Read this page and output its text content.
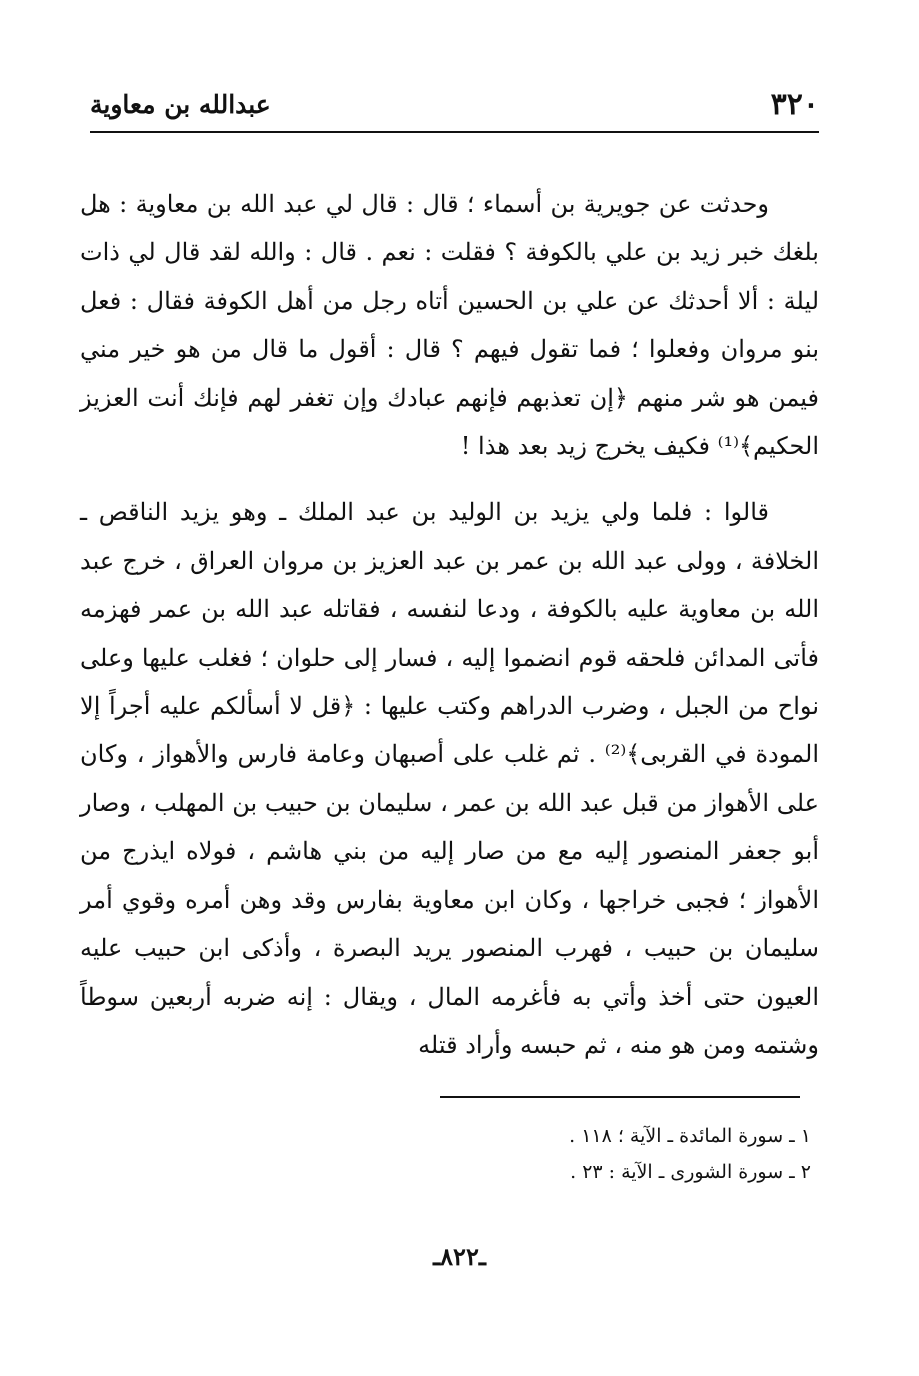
٣٢٠
عبدالله بن معاوية

وحدثت عن جويرية بن أسماء ؛ قال : قال لي عبد الله بن معاوية : هل بلغك خبر زيد بن علي بالكوفة ؟ فقلت : نعم . قال : والله لقد قال لي ذات ليلة : ألا أحدثك عن علي بن الحسين أتاه رجل من أهل الكوفة فقال : فعل بنو مروان وفعلوا ؛ فما تقول فيهم ؟ قال : أقول ما قال من هو خير مني فيمن هو شر منهم ﴿إن تعذبهم فإنهم عبادك وإن تغفر لهم فإنك أنت العزيز الحكيم﴾⁽¹⁾ فكيف يخرج زيد بعد هذا !

قالوا : فلما ولي يزيد بن الوليد بن عبد الملك ـ وهو يزيد الناقص ـ الخلافة ، وولى عبد الله بن عمر بن عبد العزيز بن مروان العراق ، خرج عبد الله بن معاوية عليه بالكوفة ، ودعا لنفسه ، فقاتله عبد الله بن عمر فهزمه فأتى المدائن فلحقه قوم انضموا إليه ، فسار إلى حلوان ؛ فغلب عليها وعلى نواح من الجبل ، وضرب الدراهم وكتب عليها : ﴿قل لا أسألكم عليه أجراً إلا المودة في القربى﴾⁽²⁾ . ثم غلب على أصبهان وعامة فارس والأهواز ، وكان على الأهواز من قبل عبد الله بن عمر ، سليمان بن حبيب بن المهلب ، وصار أبو جعفر المنصور إليه مع من صار إليه من بني هاشم ، فولاه ايذرج من الأهواز ؛ فجبى خراجها ، وكان ابن معاوية بفارس وقد وهن أمره وقوي أمر سليمان بن حبيب ، فهرب المنصور يريد البصرة ، وأذكى ابن حبيب عليه العيون حتى أخذ وأتي به فأغرمه المال ، ويقال : إنه ضربه أربعين سوطاً وشتمه ومن هو منه ، ثم حبسه وأراد قتله

١ ـ سورة المائدة ـ الآية ؛ ١١٨ .

٢ ـ سورة الشورى ـ الآية : ٢٣ .

ـ٨٢٢ـ
